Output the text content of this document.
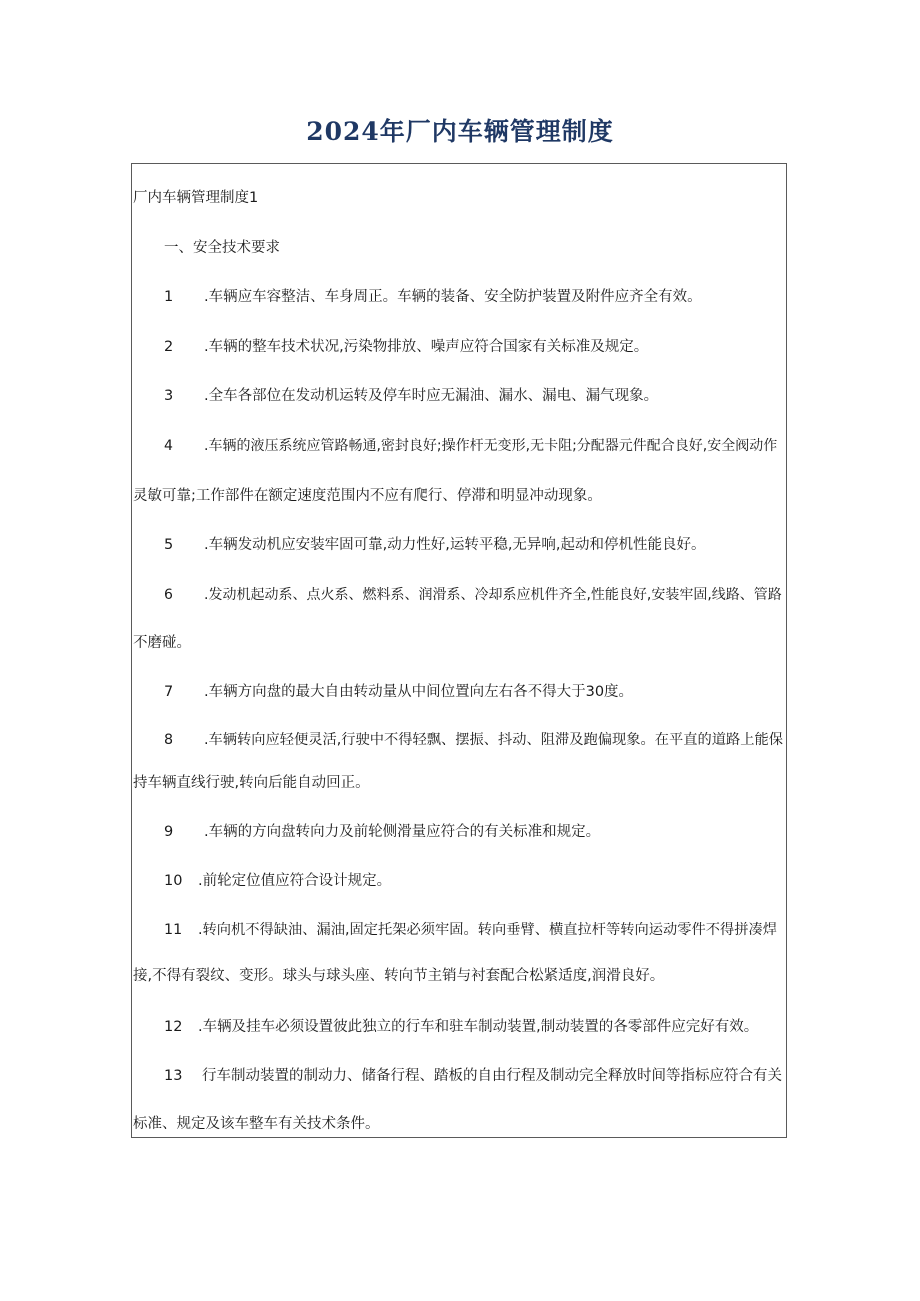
2024年厂内车辆管理制度
厂内车辆管理制度1
一、安全技术要求
1 .车辆应车容整洁、车身周正。车辆的装备、安全防护装置及附件应齐全有效。
2 .车辆的整车技术状况,污染物排放、噪声应符合国家有关标准及规定。
3 .全车各部位在发动机运转及停车时应无漏油、漏水、漏电、漏气现象。
4 .车辆的液压系统应管路畅通,密封良好;操作杆无变形,无卡阻;分配器元件配合良好,安全阀动作
灵敏可靠;工作部件在额定速度范围内不应有爬行、停滞和明显冲动现象。
5 .车辆发动机应安装牢固可靠,动力性好,运转平稳,无异响,起动和停机性能良好。
6 .发动机起动系、点火系、燃料系、润滑系、冷却系应机件齐全,性能良好,安装牢固,线路、管路
不磨碰。
7 .车辆方向盘的最大自由转动量从中间位置向左右各不得大于30度。
8 .车辆转向应轻便灵活,行驶中不得轻飘、摆振、抖动、阻滞及跑偏现象。在平直的道路上能保
持车辆直线行驶,转向后能自动回正。
9 .车辆的方向盘转向力及前轮侧滑量应符合的有关标准和规定。
10 .前轮定位值应符合设计规定。
11 .转向机不得缺油、漏油,固定托架必须牢固。转向垂臂、横直拉杆等转向运动零件不得拼凑焊
接,不得有裂纹、变形。球头与球头座、转向节主销与衬套配合松紧适度,润滑良好。
12 .车辆及挂车必须设置彼此独立的行车和驻车制动装置,制动装置的各零部件应完好有效。
13 行车制动装置的制动力、储备行程、踏板的自由行程及制动完全释放时间等指标应符合有关
标准、规定及该车整车有关技术条件。
